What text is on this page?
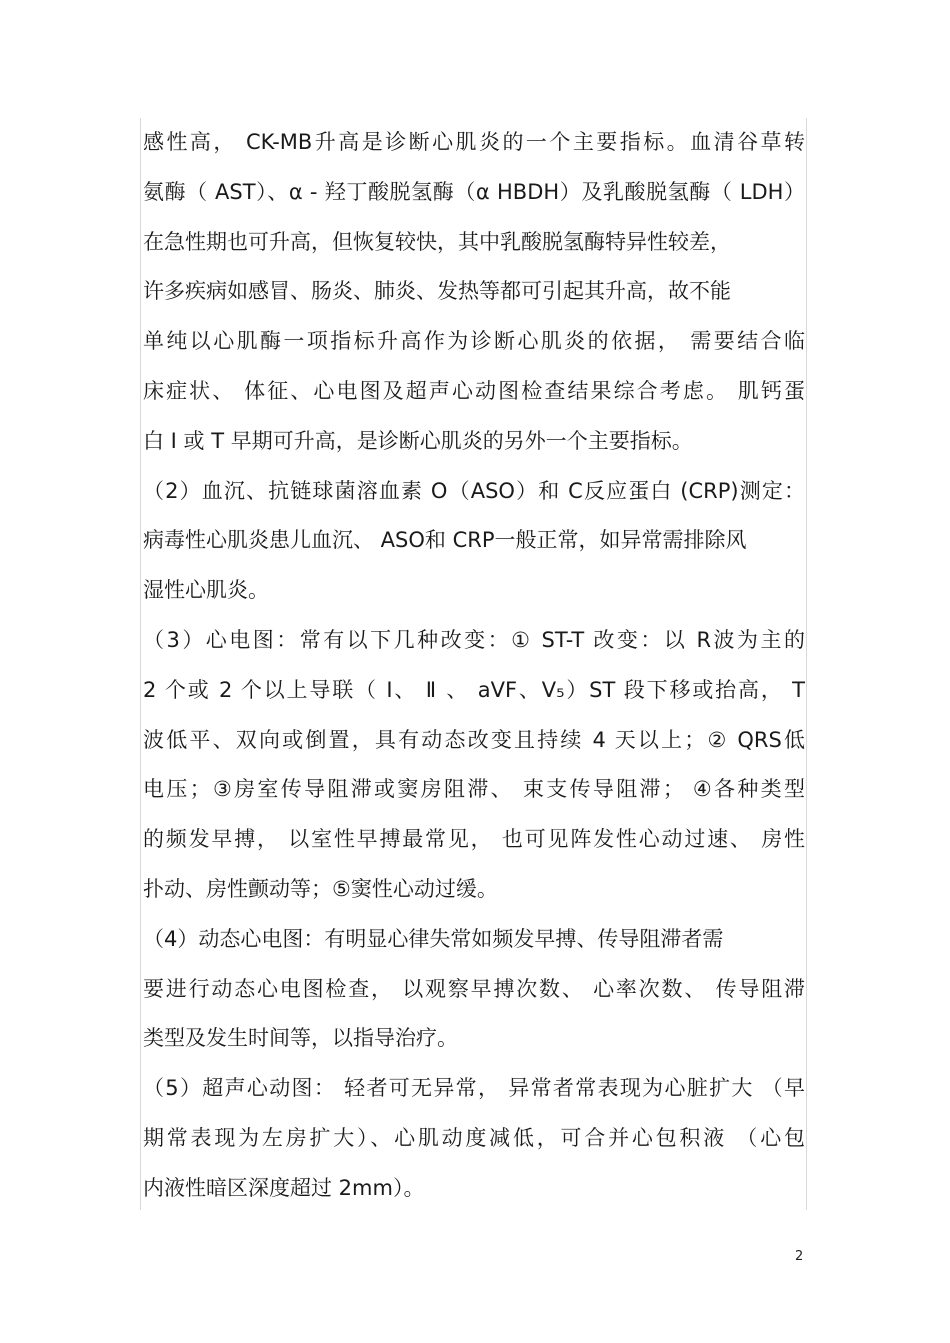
感性高， CK-MB升高是诊断心肌炎的一个主要指标。血清谷草转
氨酶（ AST）、α - 羟丁酸脱氢酶（α HBDH）及乳酸脱氢酶（ LDH）
在急性期也可升高，但恢复较快，其中乳酸脱氢酶特异性较差，
许多疾病如感冒、肠炎、肺炎、发热等都可引起其升高，故不能
单纯以心肌酶一项指标升高作为诊断心肌炎的依据， 需要结合临
床症状、 体征、心电图及超声心动图检查结果综合考虑。 肌钙蛋
白 I 或 T 早期可升高，是诊断心肌炎的另外一个主要指标。
（2）血沉、抗链球菌溶血素 O（ASO）和 C反应蛋白 (CRP)测定：
病毒性心肌炎患儿血沉、 ASO和 CRP一般正常，如异常需排除风
湿性心肌炎。
（3）心电图：常有以下几种改变：① ST-T 改变：以 R波为主的
2 个或 2 个以上导联（ Ⅰ、 Ⅱ 、 aVF、V₅）ST 段下移或抬高， T
波低平、双向或倒置，具有动态改变且持续 4 天以上；② QRS低
电压；③房室传导阻滞或窦房阻滞、 束支传导阻滞； ④各种类型
的频发早搏， 以室性早搏最常见， 也可见阵发性心动过速、 房性
扑动、房性颤动等；⑤窦性心动过缓。
（4）动态心电图：有明显心律失常如频发早搏、传导阻滞者需
要进行动态心电图检查， 以观察早搏次数、 心率次数、 传导阻滞
类型及发生时间等，以指导治疗。
（5）超声心动图： 轻者可无异常， 异常者常表现为心脏扩大 （早
期常表现为左房扩大）、心肌动度减低，可合并心包积液 （心包
内液性暗区深度超过 2mm）。
2
